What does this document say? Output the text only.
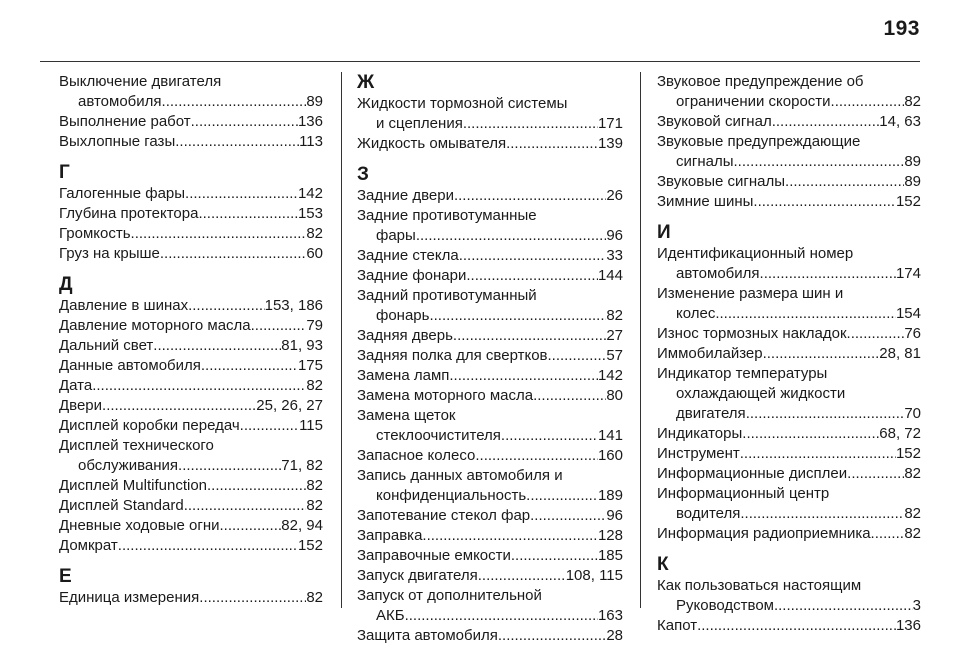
193
Выключение двигателя
автомобиля .....	89
Выполнение работ .....	136
Выхлопные газы .....	113
Г
Галогенные фары .....	142
Глубина протектора .....	153
Громкость .....	82
Груз на крыше .....	60
Д
Давление в шинах .....	153, 186
Давление моторного масла .....	79
Дальний свет .....	81, 93
Данные автомобиля .....	175
Дата .....	82
Двери .....	25, 26, 27
Дисплей коробки передач .....	115
Дисплей технического
обслуживания .....	71, 82
Дисплей Multifunction .....	82
Дисплей Standard .....	82
Дневные ходовые огни .....	82, 94
Домкрат .....	152
Е
Единица измерения .....	82
Ж
Жидкости тормозной системы
и сцепления .....	171
Жидкость омывателя .....	139
З
Задние двери .....	26
Задние противотуманные
фары .....	96
Задние стекла .....	33
Задние фонари .....	144
Задний противотуманный
фонарь .....	82
Задняя дверь .....	27
Задняя полка для свертков .....	57
Замена ламп .....	142
Замена моторного масла .....	80
Замена щеток
стеклоочистителя .....	141
Запасное колесо .....	160
Запись данных автомобиля и
конфиденциальность .....	189
Запотевание стекол фар .....	96
Заправка .....	128
Заправочные емкости .....	185
Запуск двигателя .....	108, 115
Запуск от дополнительной
АКБ .....	163
Защита автомобиля .....	28
Звуковое предупреждение об
ограничении скорости .....	82
Звуковой сигнал .....	14, 63
Звуковые предупреждающие
сигналы .....	89
Звуковые сигналы .....	89
Зимние шины .....	152
И
Идентификационный номер
автомобиля .....	174
Изменение размера шин и
колес .....	154
Износ тормозных накладок .....	76
Иммобилайзер .....	28, 81
Индикатор температуры
охлаждающей жидкости
двигателя .....	70
Индикаторы .....	68, 72
Инструмент .....	152
Информационные дисплеи .....	82
Информационный центр
водителя .....	82
Информация радиоприемника. ..... 82
К
Как пользоваться настоящим
Руководством .....	3
Капот .....	136
